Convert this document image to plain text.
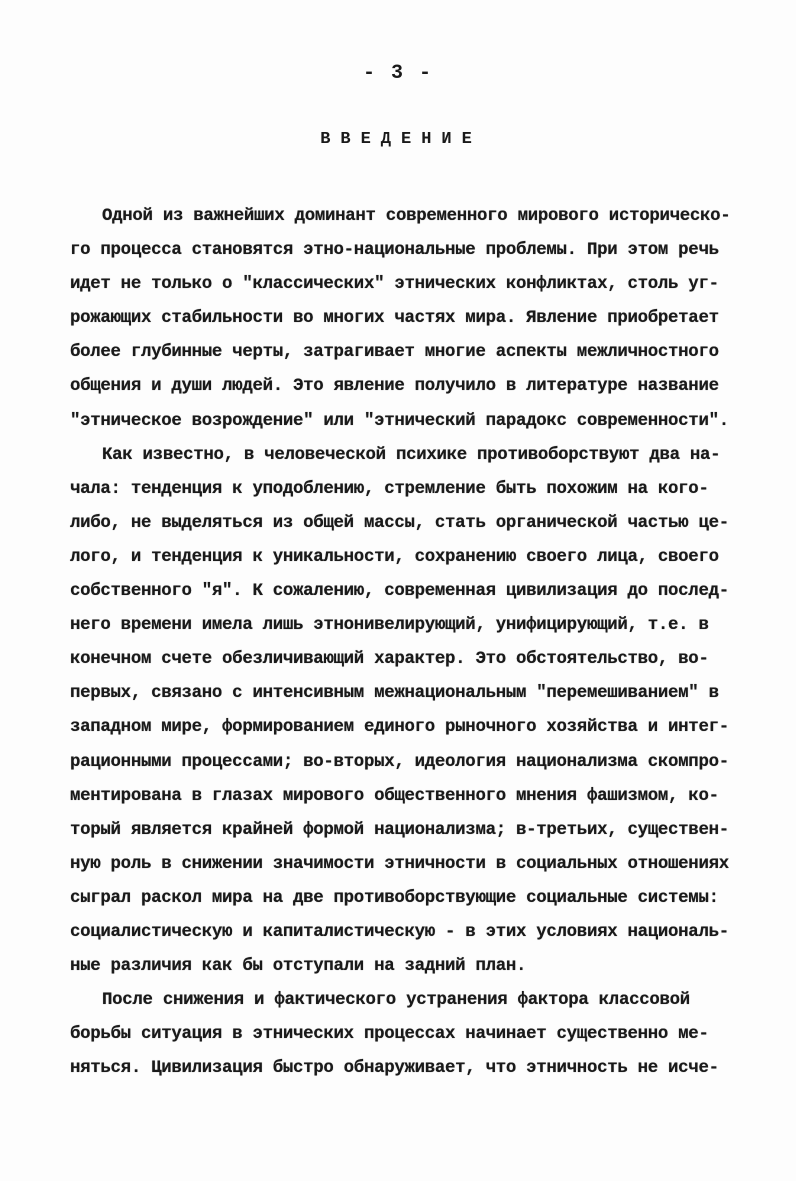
- 3 -
ВВЕДЕНИЕ
Одной из важнейших доминант современного мирового историческо-
го процесса становятся этно-национальные проблемы. При этом речь
идет не только о "классических" этнических конфликтах, столь уг-
рожающих стабильности во многих частях мира. Явление приобретает
более глубинные черты, затрагивает многие аспекты межличностного
общения и души людей. Это явление получило в литературе название
"этническое возрождение" или "этнический парадокс современности".
Как известно, в человеческой психике противоборствуют два на-
чала: тенденция к уподоблению, стремление быть похожим на кого-
либо, не выделяться из общей массы, стать органической частью це-
лого, и тенденция к уникальности, сохранению своего лица, своего
собственного "я". К сожалению, современная цивилизация до послед-
него времени имела лишь этнонивелирующий, унифицирующий, т.е. в
конечном счете обезличивающий характер. Это обстоятельство, во-
первых, связано с интенсивным межнациональным "перемешиванием" в
западном мире, формированием единого рыночного хозяйства и интег-
рационными процессами; во-вторых, идеология национализма скомпро-
ментирована в глазах мирового общественного мнения фашизмом, ко-
торый является крайней формой национализма; в-третьих, существен-
ную роль в снижении значимости этничности в социальных отношениях
сыграл раскол мира на две противоборствующие социальные системы:
социалистическую и капиталистическую - в этих условиях националь-
ные различия как бы отступали на задний план.
После снижения и фактического устранения фактора классовой
борьбы ситуация в этнических процессах начинает существенно ме-
няться. Цивилизация быстро обнаруживает, что этничность не исче-
